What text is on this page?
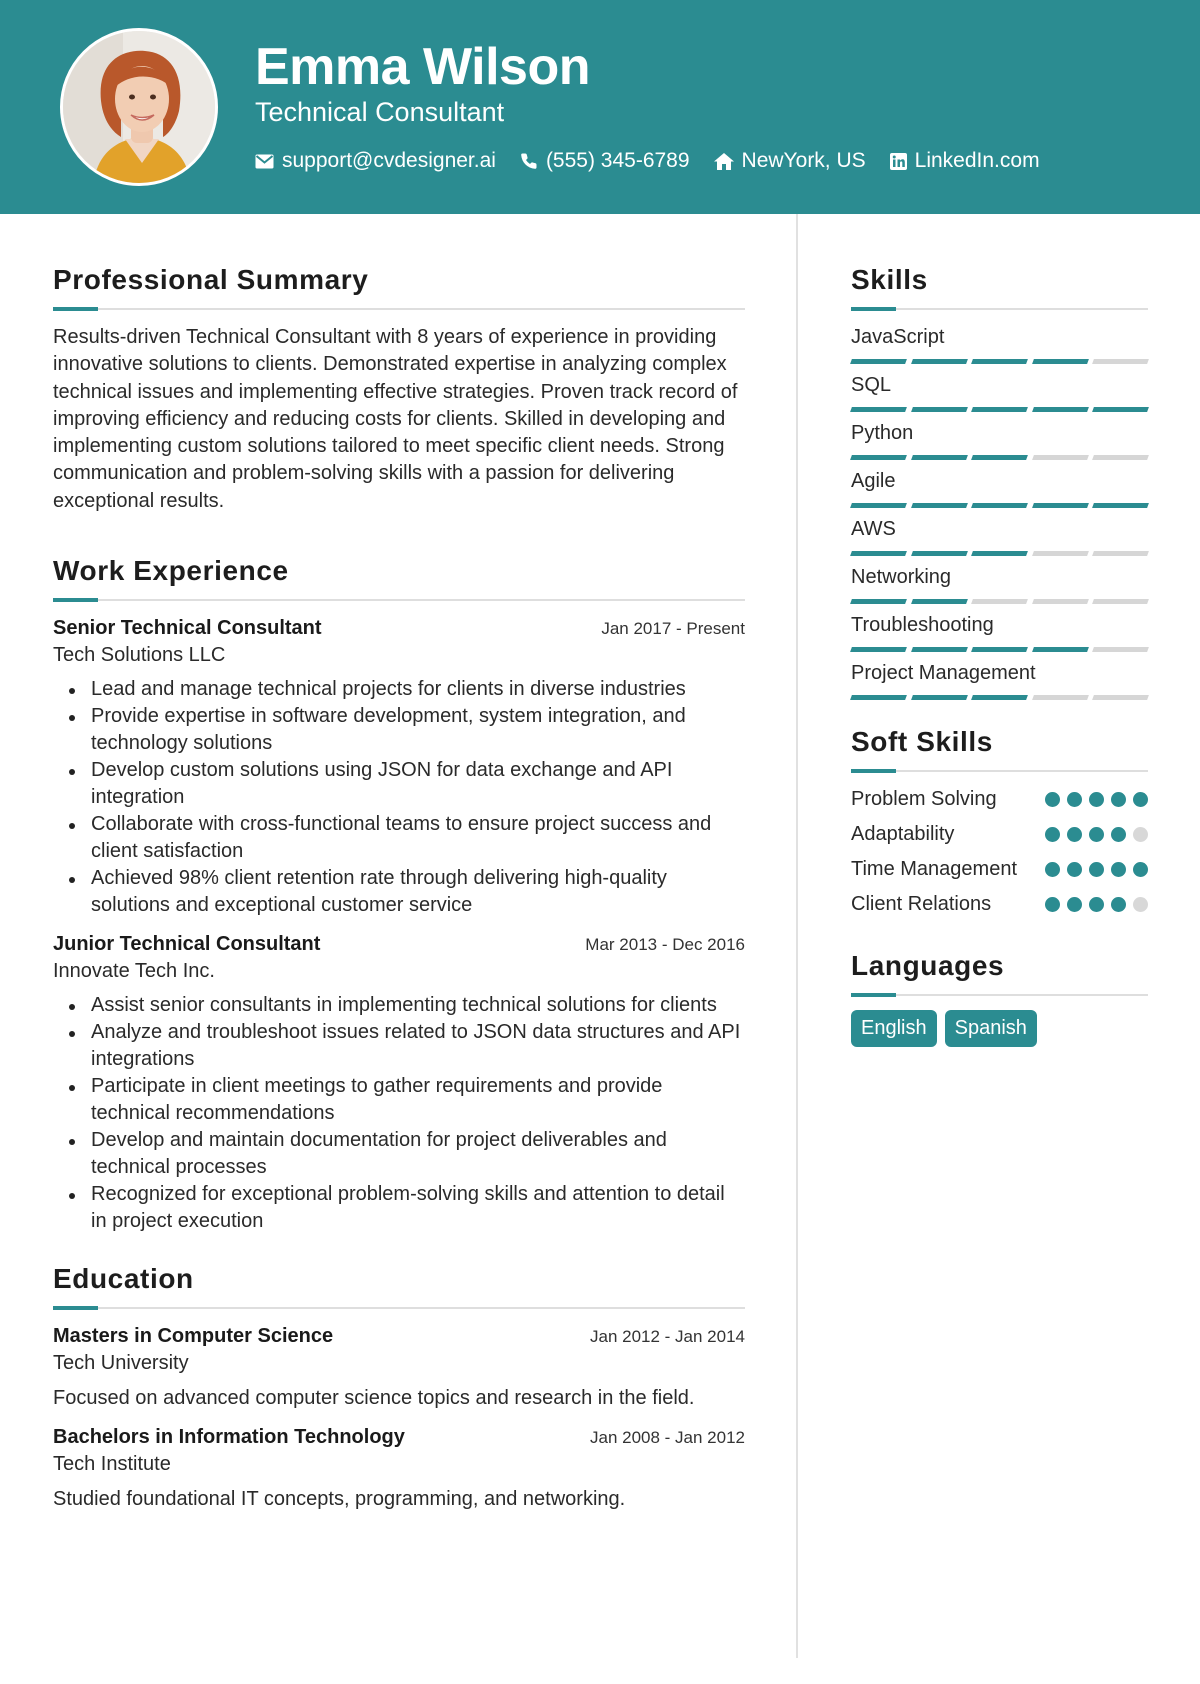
Emma Wilson
Technical Consultant
support@cvdesigner.ai (555) 345-6789 NewYork, US LinkedIn.com
Professional Summary

Results-driven Technical Consultant with 8 years of experience in providing innovative solutions to clients. Demonstrated expertise in analyzing complex technical issues and implementing effective strategies. Proven track record of improving efficiency and reducing costs for clients. Skilled in developing and implementing custom solutions tailored to meet specific client needs. Strong communication and problem-solving skills with a passion for delivering exceptional results.

Work Experience
Senior Technical Consultant	Jan 2017 - Present
Tech Solutions LLC
Lead and manage technical projects for clients in diverse industries
Provide expertise in software development, system integration, and technology solutions
Develop custom solutions using JSON for data exchange and API integration
Collaborate with cross-functional teams to ensure project success and client satisfaction
Achieved 98% client retention rate through delivering high-quality solutions and exceptional customer service
Junior Technical Consultant	Mar 2013 - Dec 2016
Innovate Tech Inc.
Assist senior consultants in implementing technical solutions for clients
Analyze and troubleshoot issues related to JSON data structures and API integrations
Participate in client meetings to gather requirements and provide technical recommendations
Develop and maintain documentation for project deliverables and technical processes
Recognized for exceptional problem-solving skills and attention to detail in project execution
Education
Masters in Computer Science	Jan 2012 - Jan 2014
Tech University
Focused on advanced computer science topics and research in the field.
Bachelors in Information Technology	Jan 2008 - Jan 2012
Tech Institute
Studied foundational IT concepts, programming, and networking.
Skills
JavaScript
SQL
Python
Agile
AWS
Networking
Troubleshooting
Project Management
Soft Skills
Problem Solving
Adaptability
Time Management
Client Relations
Languages
English	Spanish
